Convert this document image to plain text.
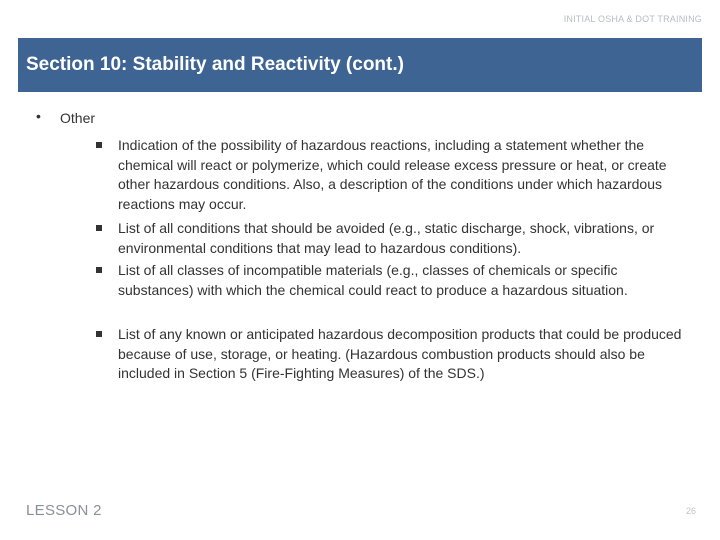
INITIAL OSHA & DOT TRAINING
Section 10: Stability and Reactivity (cont.)
• Other
Indication of the possibility of hazardous reactions, including a statement whether the chemical will react or polymerize, which could release excess pressure or heat, or create other hazardous conditions. Also, a description of the conditions under which hazardous reactions may occur.
List of all conditions that should be avoided (e.g., static discharge, shock, vibrations, or environmental conditions that may lead to hazardous conditions).
List of all classes of incompatible materials (e.g., classes of chemicals or specific substances) with which the chemical could react to produce a hazardous situation.
List of any known or anticipated hazardous decomposition products that could be produced because of use, storage, or heating. (Hazardous combustion products should also be included in Section 5 (Fire-Fighting Measures) of the SDS.)
LESSON 2	26
